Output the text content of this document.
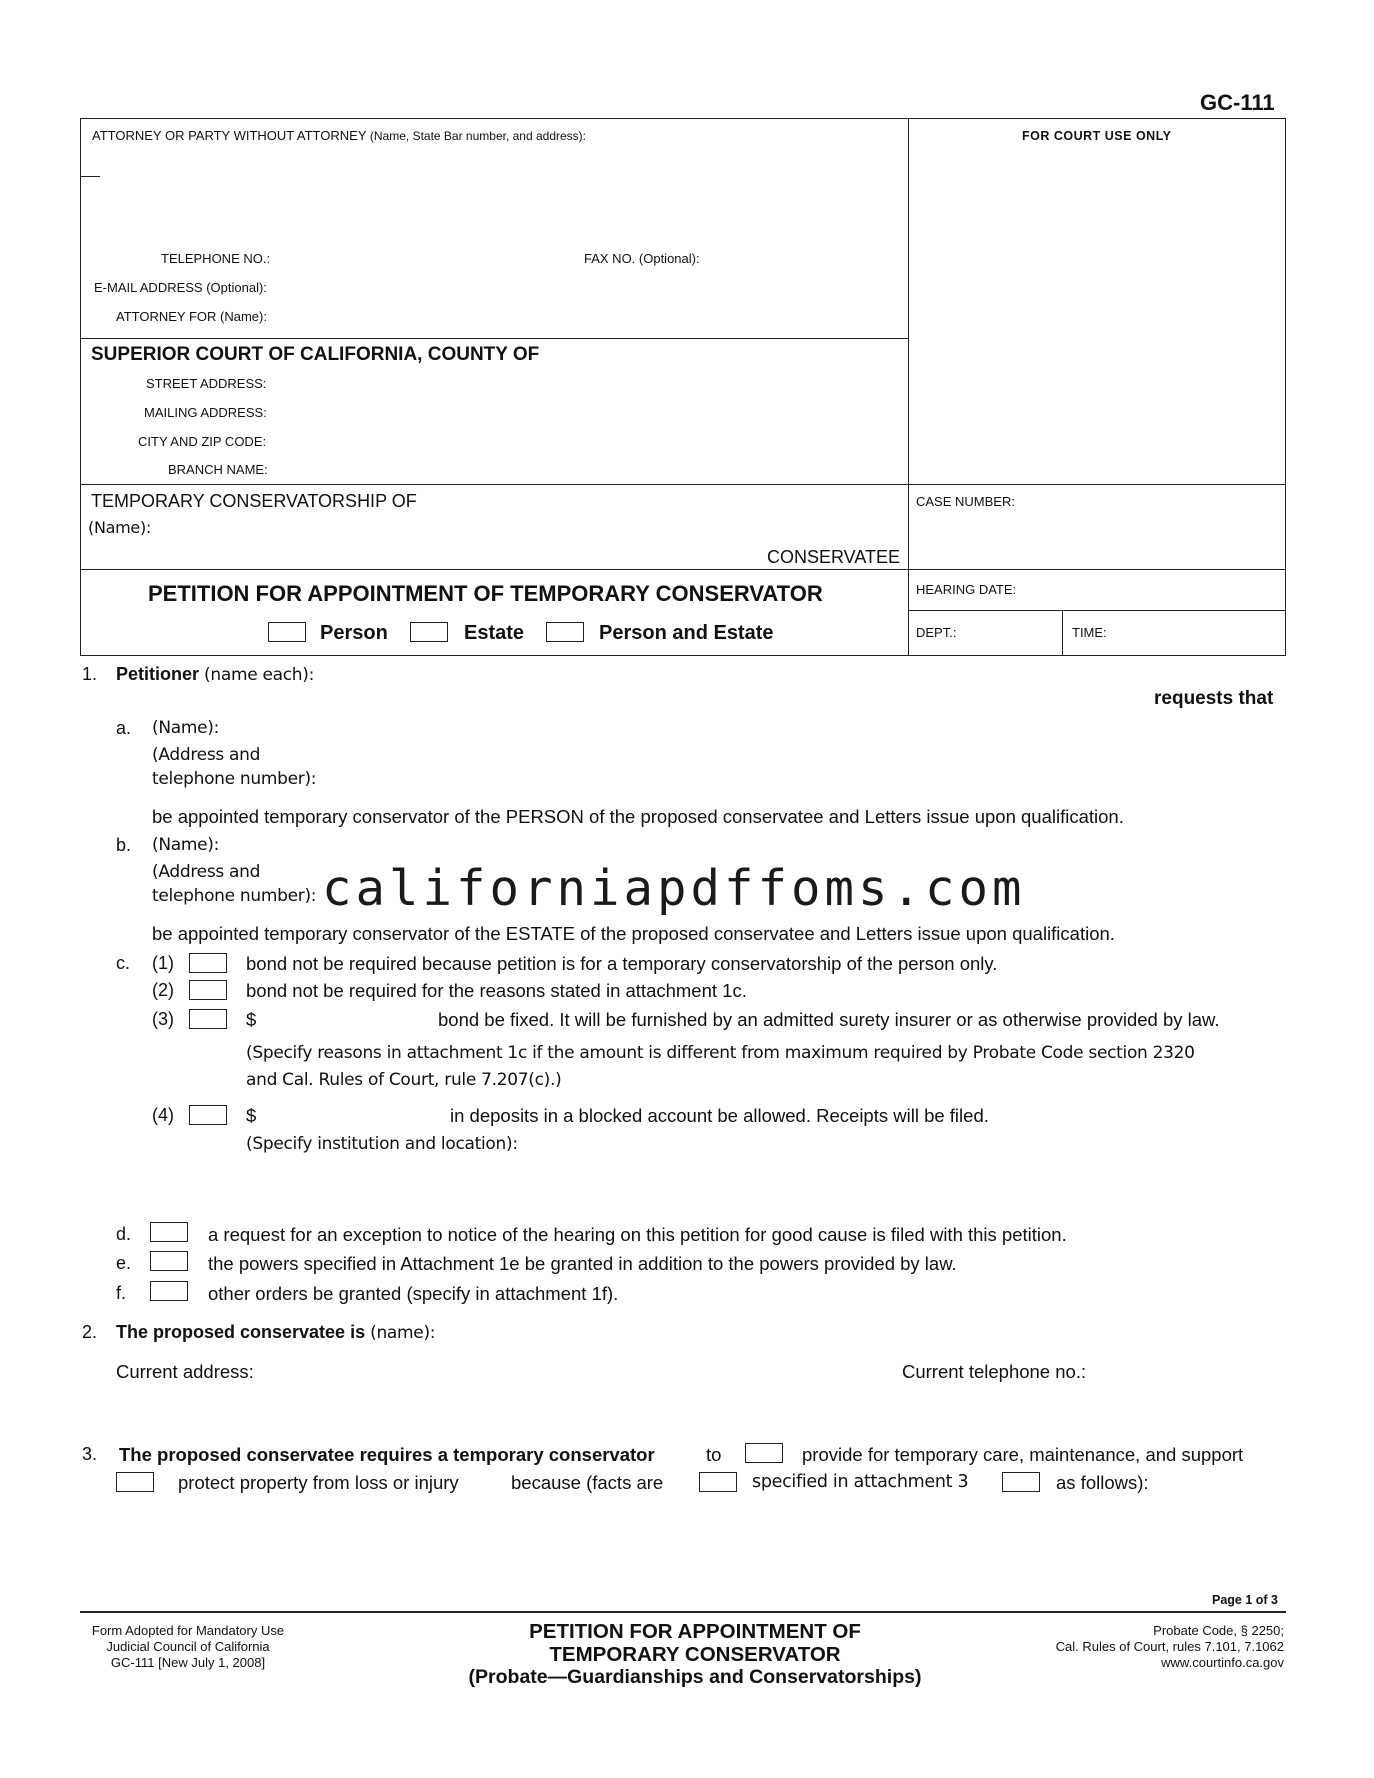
GC-111
ATTORNEY OR PARTY WITHOUT ATTORNEY (Name, State Bar number, and address):	FOR COURT USE ONLY
TELEPHONE NO.:	FAX NO. (Optional):
E-MAIL ADDRESS (Optional):
ATTORNEY FOR (Name):
SUPERIOR COURT OF CALIFORNIA, COUNTY OF
STREET ADDRESS:
MAILING ADDRESS:
CITY AND ZIP CODE:
BRANCH NAME:
TEMPORARY CONSERVATORSHIP OF
(Name):
CONSERVATEE
CASE NUMBER:
HEARING DATE:
DEPT.:	TIME:
PETITION FOR APPOINTMENT OF TEMPORARY CONSERVATOR
Person	Estate	Person and Estate
1. Petitioner (name each):
requests that
a. (Name):
(Address and
telephone number):
be appointed temporary conservator of the PERSON of the proposed conservatee and Letters issue upon qualification.
b. (Name):
(Address and
telephone number): californiapdffoms.com
be appointed temporary conservator of the ESTATE of the proposed conservatee and Letters issue upon qualification.
c. (1)	bond not be required because petition is for a temporary conservatorship of the person only.
(2)	bond not be required for the reasons stated in attachment 1c.
(3)	$	bond be fixed. It will be furnished by an admitted surety insurer or as otherwise provided by law.
(Specify reasons in attachment 1c if the amount is different from maximum required by Probate Code section 2320
and Cal. Rules of Court, rule 7.207(c).)
(4)	$	in deposits in a blocked account be allowed. Receipts will be filed.
(Specify institution and location):
d.	a request for an exception to notice of the hearing on this petition for good cause is filed with this petition.
e.	the powers specified in Attachment 1e be granted in addition to the powers provided by law.
f.	other orders be granted (specify in attachment 1f).
2. The proposed conservatee is (name):
Current address:	Current telephone no.:
3. The proposed conservatee requires a temporary conservator	to	provide for temporary care, maintenance, and support
protect property from loss or injury	because (facts are	specified in attachment 3	as follows):
Page 1 of 3
Form Adopted for Mandatory Use
Judicial Council of California
GC-111 [New July 1, 2008]
PETITION FOR APPOINTMENT OF
TEMPORARY CONSERVATOR
(Probate—Guardianships and Conservatorships)
Probate Code, § 2250;
Cal. Rules of Court, rules 7.101, 7.1062
www.courtinfo.ca.gov
